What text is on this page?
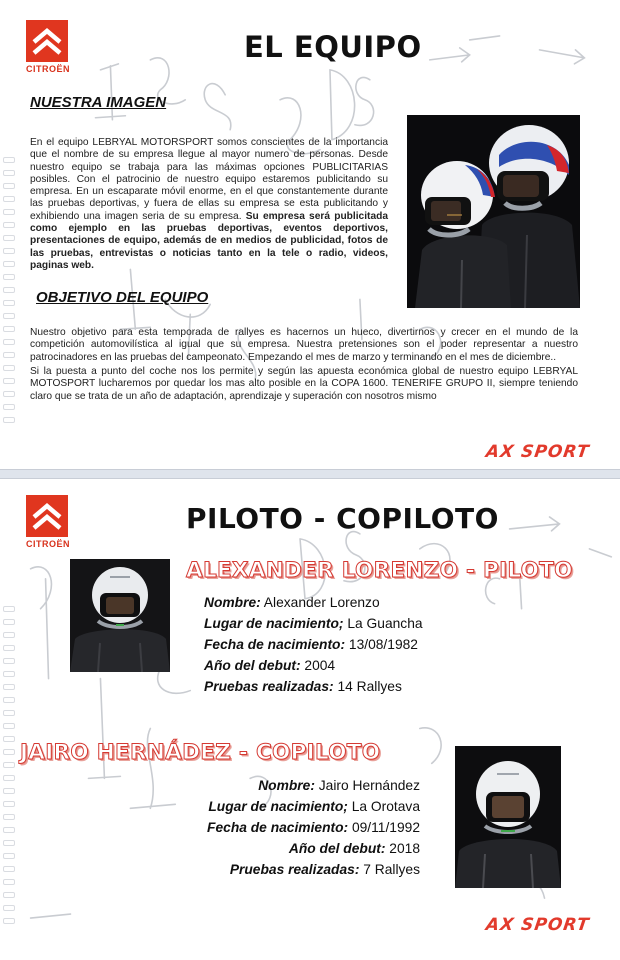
CITROËN
EL EQUIPO
NUESTRA IMAGEN
En el equipo LEBRYAL MOTORSPORT somos conscientes de la importancia que el nombre de su empresa llegue al mayor numero de personas. Desde nuestro equipo se trabaja para las máximas opciones PUBLICITARIAS posibles. Con el patrocinio de nuestro equipo estaremos publicitando su empresa. En un escaparate móvil enorme, en el que constantemente durante las pruebas deportivas, y fuera de ellas su empresa se esta publicitando y exhibiendo una imagen seria de su empresa. Su empresa será publicitada como ejemplo en las pruebas deportivas, eventos deportivos, presentaciones de equipo, además de en medios de publicidad, fotos de las pruebas, entrevistas o noticias tanto en la tele o radio, videos, paginas web.
OBJETIVO DEL EQUIPO
Nuestro objetivo para esta temporada de rallyes es hacernos un hueco, divertirnos y crecer en el mundo de la competición automovilística al igual que su empresa. Nuestra pretensiones son el poder representar a nuestro patrocinadores en las pruebas del campeonato. Empezando el mes de marzo y terminando en el mes de diciembre..
Si la puesta a punto del coche nos los permite y según las apuesta económica global de nuestro equipo LEBRYAL MOTOSPORT lucharemos por quedar los mas alto posible en la COPA 1600. TENERIFE GRUPO II, siempre teniendo claro que se trata de un año de adaptación, aprendizaje y superación con nosotros mismo
AX SPORT
CITROËN
PILOTO - COPILOTO
ALEXANDER LORENZO - PILOTO
Nombre: Alexander Lorenzo
Lugar de nacimiento; La Guancha
Fecha de nacimiento: 13/08/1982
Año del debut: 2004
Pruebas realizadas: 14 Rallyes
JAIRO HERNÁDEZ - COPILOTO
Nombre: Jairo Hernández
Lugar de nacimiento; La Orotava
Fecha de nacimiento: 09/11/1992
Año del debut: 2018
Pruebas realizadas: 7 Rallyes
AX SPORT
